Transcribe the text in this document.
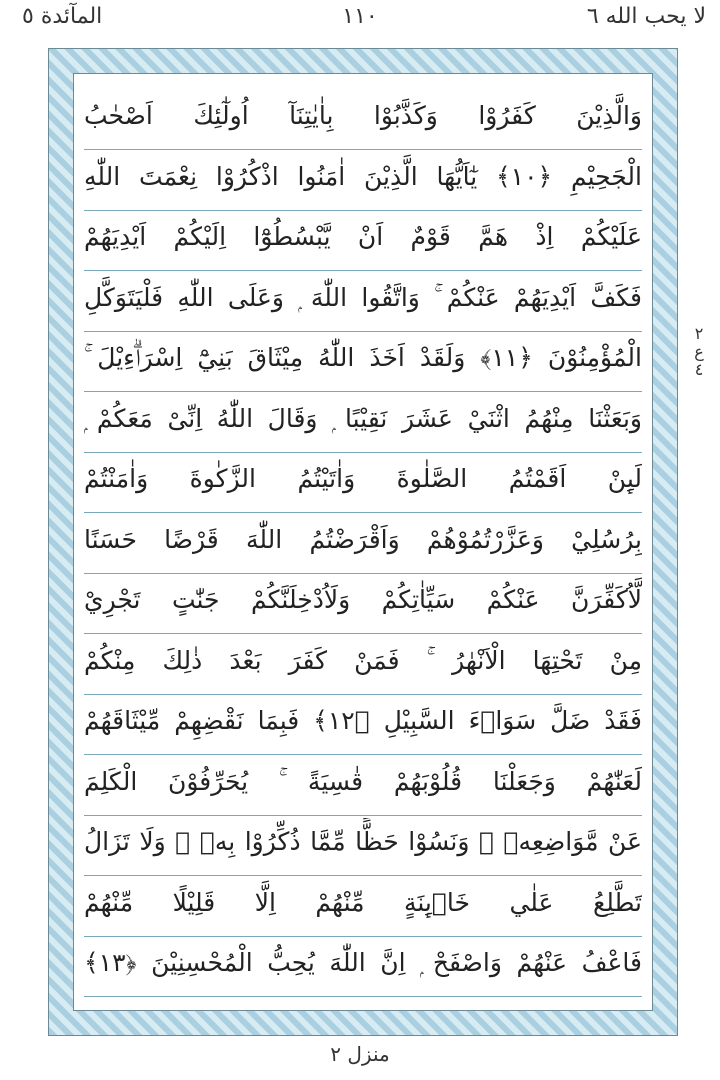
لا يحب الله ٦
١١٠
المآئدة ٥
وَالَّذِيْنَ كَفَرُوْا وَكَذَّبُوْا بِاٰيٰتِنَآ اُولٰٓئِكَ اَصْحٰبُ
الْجَحِيْمِ ﴿١٠﴾ يٰٓاَيُّهَا الَّذِيْنَ اٰمَنُوا اذْكُرُوْا نِعْمَتَ اللّٰهِ
عَلَيْكُمْ اِذْ هَمَّ قَوْمٌ اَنْ يَّبْسُطُوْٓا اِلَيْكُمْ اَيْدِيَهُمْ
فَكَفَّ اَيْدِيَهُمْ عَنْكُمْ ۚ وَاتَّقُوا اللّٰهَ ۭ وَعَلَى اللّٰهِ فَلْيَتَوَكَّلِ
الْمُؤْمِنُوْنَ ﴿١١﴾ وَلَقَدْ اَخَذَ اللّٰهُ مِيْثَاقَ بَنِيْٓ اِسْرَاۗءِيْلَ ۚ
وَبَعَثْنَا مِنْهُمُ اثْنَيْ عَشَرَ نَقِيْبًا ۭ وَقَالَ اللّٰهُ اِنِّىْ مَعَكُمْ ۭ
لَىِٕنْ اَقَمْتُمُ الصَّلٰوةَ وَاٰتَيْتُمُ الزَّكٰوةَ وَاٰمَنْتُمْ
بِرُسُلِيْ وَعَزَّرْتُمُوْهُمْ وَاَقْرَضْتُمُ اللّٰهَ قَرْضًا حَسَنًا
لَّاُكَفِّرَنَّ عَنْكُمْ سَيِّاٰتِكُمْ وَلَاُدْخِلَنَّكُمْ جَنّٰتٍ تَجْرِيْ
مِنْ تَحْتِهَا الْاَنْهٰرُ ۚ فَمَنْ كَفَرَ بَعْدَ ذٰلِكَ مِنْكُمْ
فَقَدْ ضَلَّ سَوَاۗءَ السَّبِيْلِ ﴿١٢﴾ فَبِمَا نَقْضِهِمْ مِّيْثَاقَهُمْ
لَعَنّٰهُمْ وَجَعَلْنَا قُلُوْبَهُمْ قٰسِيَةً ۚ يُحَرِّفُوْنَ الْكَلِمَ
عَنْ مَّوَاضِعِهٖ ۙ وَنَسُوْا حَظًّا مِّمَّا ذُكِّرُوْا بِهٖ ۚ وَلَا تَزَالُ
تَطَّلِعُ عَلٰي خَاۗىِٕنَةٍ مِّنْهُمْ اِلَّا قَلِيْلًا مِّنْهُمْ
فَاعْفُ عَنْهُمْ وَاصْفَحْ ۭ اِنَّ اللّٰهَ يُحِبُّ الْمُحْسِنِيْنَ ﴿١٣﴾
٢
ع
٤
منزل ٢
